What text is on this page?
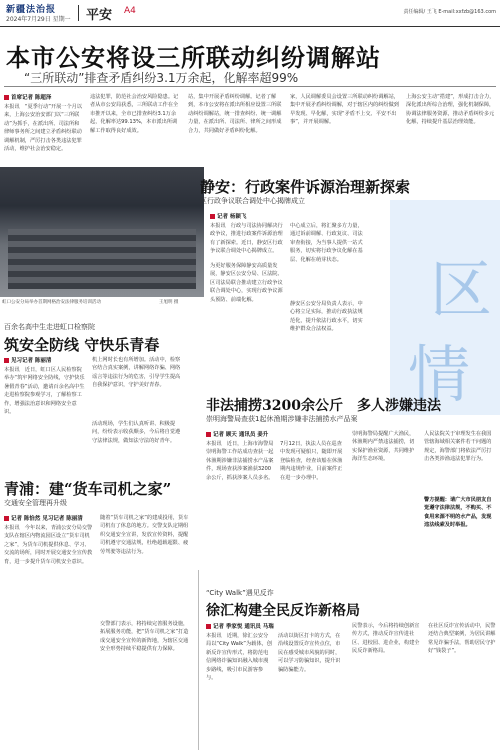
新疆法治报
2024年7月29日 星期一 平安 A4	责任编辑/ 王飞 E-mail:xxfzb@163.com
本市公安将设三所联动纠纷调解站
“三所联动”排查矛盾纠纷3.1万余起，化解率超99%
首席记者 陈超泽
本报讯　“夏季行动”开展一个月以来，上海公安治安部门以“三所联动”为抓手，在派出所、司法所和律师事务所之间建立矛盾纠纷联动调解机制，严厉打击各类违法犯罪活动，维护社会治安稳定。
违法犯罪，防范社会治安风险隐患。记者从市公安局获悉，三所联动工作在全市推开以来，全市已排查纠纷3.1万余起，化解率达99.13%，本市派出所调解工作取得良好成效。
站，集中开展矛盾纠纷调解。记者了解到，本市公安将在派出所相应设置三所联动纠纷调解站，统一排查纠纷、统一调解力量，在派出所、司法所、律所之间形成合力，共同做好矛盾纠纷化解。
家，人民调解委员会设置三所联动纠纷调解站，集中开展矛盾纠纷调解，对于辖区内的纠纷做到早发现、早化解，实现“矛盾不上交、平安不出事”，并开展调解。
上海公安主动“搭建”，形成打击合力，深化派出所综合治理，强化机制保障，协调法律服务资源，推动矛盾纠纷多元化解，持续提升基层治理效能。
虹口公安分局举办首期网格治安法律服务培训活动	王旭明 摄
静安：行政案件诉源治理新探索
区行政争议联合调处中心揭牌成立
记者 杨颖飞
本报讯　行政与司法协同解决行政争议，推进行政案件诉源治理有了新探索。近日，静安区行政争议联合调处中心揭牌成立。
为更好服务保障静安高质量发展，静安区公安分局、区法院、区司法局联合推动建立行政争议联合调处中心，实现行政争议源头预防、前端化解。
中心成立后，将汇聚多方力量，通过诉前调解、行政复议、司法审查衔接，为当事人提供一站式服务，切实将行政争议化解在基层、化解在萌芽状态。
静安区公安分局负责人表示，中心将立足实际，推动行政执法规范化，提升依法行政水平，切实维护群众合法权益。
区
情
百余名高中生走进虹口检察院
筑安全防线 守快乐青春
见习记者 陈丽清
本报讯　近日，虹口区人民检察院举办“筑牢网络安全防线，守护快乐暑假青春”活动，邀请百余名高中生走进检察院参观学习，了解检察工作，增强法治意识和网络安全意识。
机上网时长也有所增加。活动中，检察官结合真实案例，讲解网络诈骗、网络谣言等违法行为的危害，引导学生提高自我保护意识，守护美好青春。
活动现场，学生们认真听讲、积极提问，纷纷表示收获颇多，今后将自觉遵守法律法规，做知法守法的好青年。
非法捕捞3200余公斤　多人涉嫌违法
崇明海警局查获1起休渔期涉嫌非法捕捞水产品案
记者 顾天 通讯员 姜升
本报讯　近日，上海市海警局崇明海警工作站成功查获一起休渔期涉嫌非法捕捞水产品案件，现场查获涉案渔获3200余公斤，抓获涉案人员多名。
7月12日，执法人员在巡查中发现可疑船只，随即开展登临检查，经查该船在休渔期内违规作业，目前案件正在进一步办理中。
崇明海警局提醒广大渔民，休渔期内严禁违法捕捞，切实保护渔业资源，共同维护海洋生态环境。
人民法院关于审理发生在我国管辖海域相关案件若干问题的规定，海警部门将依法严厉打击各类涉渔违法犯罪行为。
警方提醒：请广大市民朋友自觉遵守法律法规，不购买、不食用来源不明的水产品，发现违法线索及时举报。
青浦：建“货车司机之家”
交通安全管理再升级
记者 陈恰然 见习记者 陈丽清
本报讯　今年以来，青浦公安分局交警支队在辖区内物流园区设立“货车司机之家”，为货车司机提供休息、学习、交流的场所，同时开展交通安全宣传教育，进一步提升货车司机安全意识。
随着“货车司机之家”的建成投用，货车司机有了休息的地方。交警支队定期组织交通安全宣讲，发放宣传资料，提醒司机遵守交通法规，杜绝超载超限、疲劳驾驶等违法行为。
交警部门表示，将持续完善服务设施，拓展服务功能，把“货车司机之家”打造成交通安全宣传的新阵地，为辖区交通安全形势持续平稳提供有力保障。
“City Walk”遇见反诈
徐汇构建全民反诈新格局
记者 季家悦 通讯员 马瑞
本报讯　近期，徐汇公安分局以“City Walk”为载体，创新反诈宣传形式，将防范电信网络诈骗知识融入城市漫步路线，吸引市民游客参与。
活动以街区打卡的方式，在沿线设置反诈宣传点位，市民在感受城市风貌的同时，可以学习防骗知识，提升识骗防骗能力。
民警表示，今后将持续创新宣传方式，推动反诈宣传进社区、进校园、进企业，构建全民反诈新格局。
在社区反诈宣传活动中，民警还结合典型案例，为居民讲解常见诈骗手法，帮助居民守护好“钱袋子”。
